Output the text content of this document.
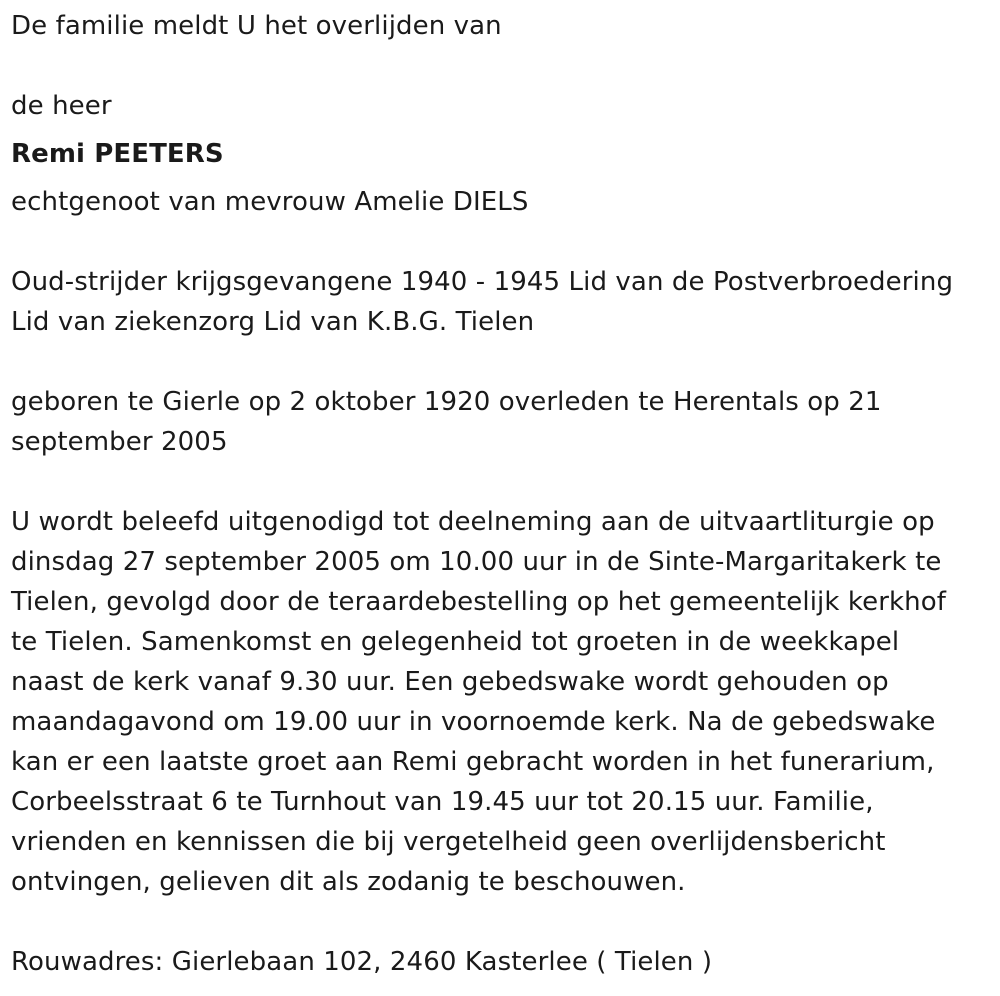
De familie meldt U het overlijden van
de heer
Remi PEETERS
echtgenoot van mevrouw Amelie DIELS
Oud-strijder krijgsgevangene 1940 - 1945 Lid van de Postverbroedering
Lid van ziekenzorg Lid van K.B.G. Tielen
geboren te Gierle op 2 oktober 1920 overleden te Herentals op 21
september 2005
U wordt beleefd uitgenodigd tot deelneming aan de uitvaartliturgie op
dinsdag 27 september 2005 om 10.00 uur in de Sinte-Margaritakerk te
Tielen, gevolgd door de teraardebestelling op het gemeentelijk kerkhof
te Tielen. Samenkomst en gelegenheid tot groeten in de weekkapel
naast de kerk vanaf 9.30 uur. Een gebedswake wordt gehouden op
maandagavond om 19.00 uur in voornoemde kerk. Na de gebedswake
kan er een laatste groet aan Remi gebracht worden in het funerarium,
Corbeelsstraat 6 te Turnhout van 19.45 uur tot 20.15 uur. Familie,
vrienden en kennissen die bij vergetelheid geen overlijdensbericht
ontvingen, gelieven dit als zodanig te beschouwen.
Rouwadres: Gierlebaan 102, 2460 Kasterlee ( Tielen )
